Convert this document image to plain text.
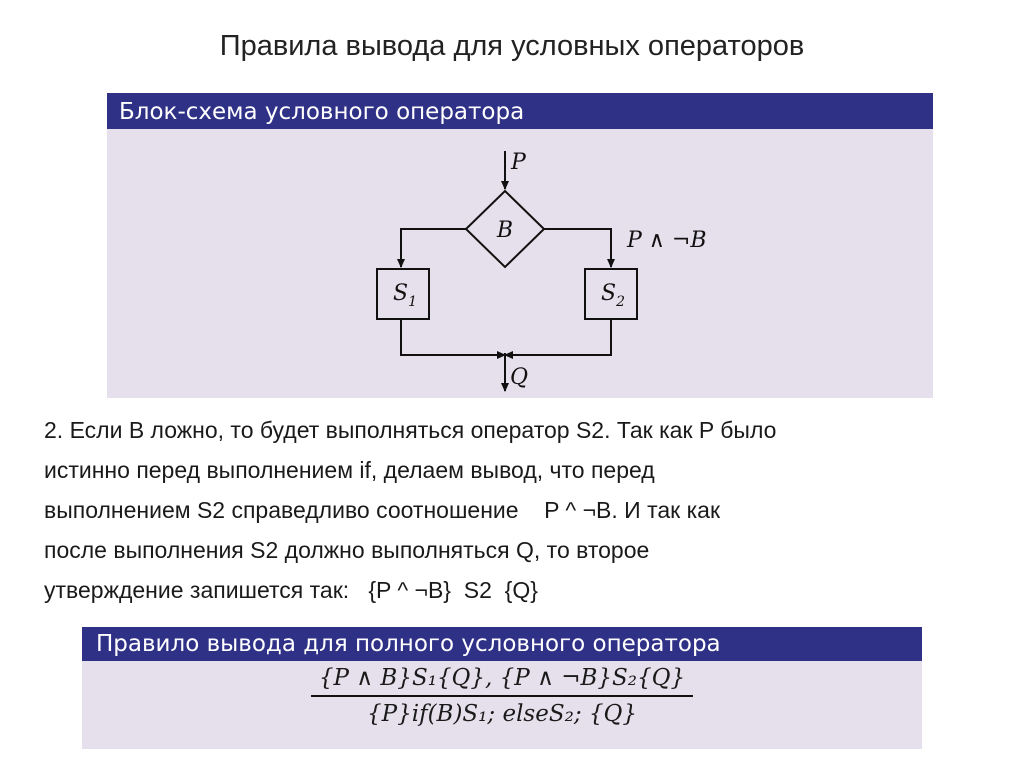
Правила вывода для условных операторов
Блок-схема условного оператора
P
B	P ∧ ¬B
$S_1$	$S_2$
Q
2. Если B ложно, то будет выполняться оператор S2. Так как P было
истинно перед выполнением if, делаем вывод, что перед
выполнением S2 справедливо соотношение    P ^ ¬B. И так как
после выполнения S2 должно выполняться Q, то второе
утверждение запишется так:   {P ^ ¬B}  S2  {Q}
Правило вывода для полного условного оператора
{P ∧ B}S₁{Q}, {P ∧ ¬B}S₂{Q}
{P}if(B)S₁; elseS₂; {Q}
